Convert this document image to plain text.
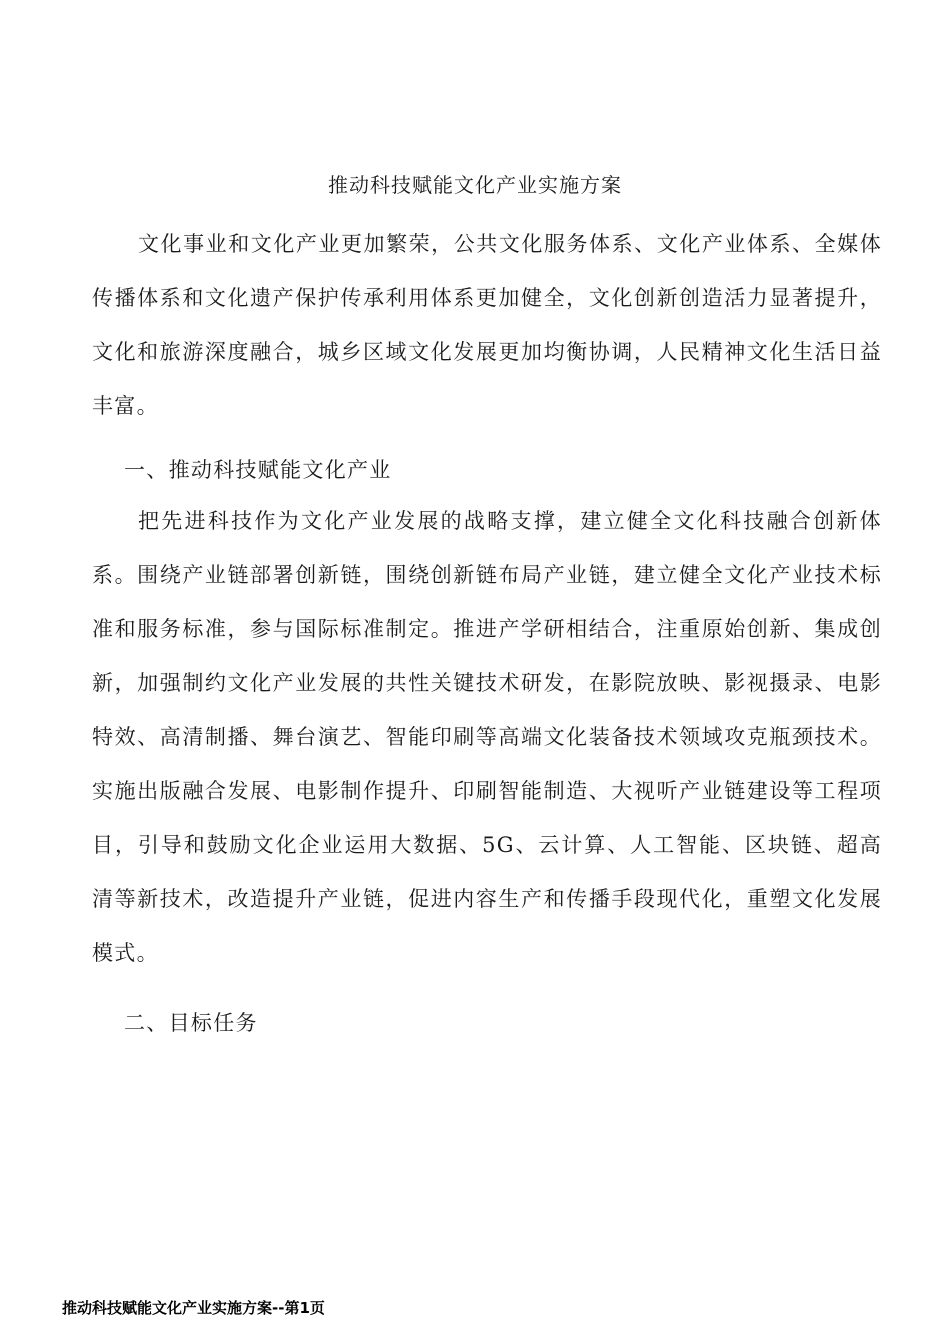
推动科技赋能文化产业实施方案

文化事业和文化产业更加繁荣，公共文化服务体系、文化产业体系、全媒体传播体系和文化遗产保护传承利用体系更加健全，文化创新创造活力显著提升，文化和旅游深度融合，城乡区域文化发展更加均衡协调，人民精神文化生活日益丰富。

一、推动科技赋能文化产业

把先进科技作为文化产业发展的战略支撑，建立健全文化科技融合创新体系。围绕产业链部署创新链，围绕创新链布局产业链，建立健全文化产业技术标准和服务标准，参与国际标准制定。推进产学研相结合，注重原始创新、集成创新，加强制约文化产业发展的共性关键技术研发，在影院放映、影视摄录、电影特效、高清制播、舞台演艺、智能印刷等高端文化装备技术领域攻克瓶颈技术。实施出版融合发展、电影制作提升、印刷智能制造、大视听产业链建设等工程项目，引导和鼓励文化企业运用大数据、5G、云计算、人工智能、区块链、超高清等新技术，改造提升产业链，促进内容生产和传播手段现代化，重塑文化发展模式。

二、目标任务
推动科技赋能文化产业实施方案--第1页
